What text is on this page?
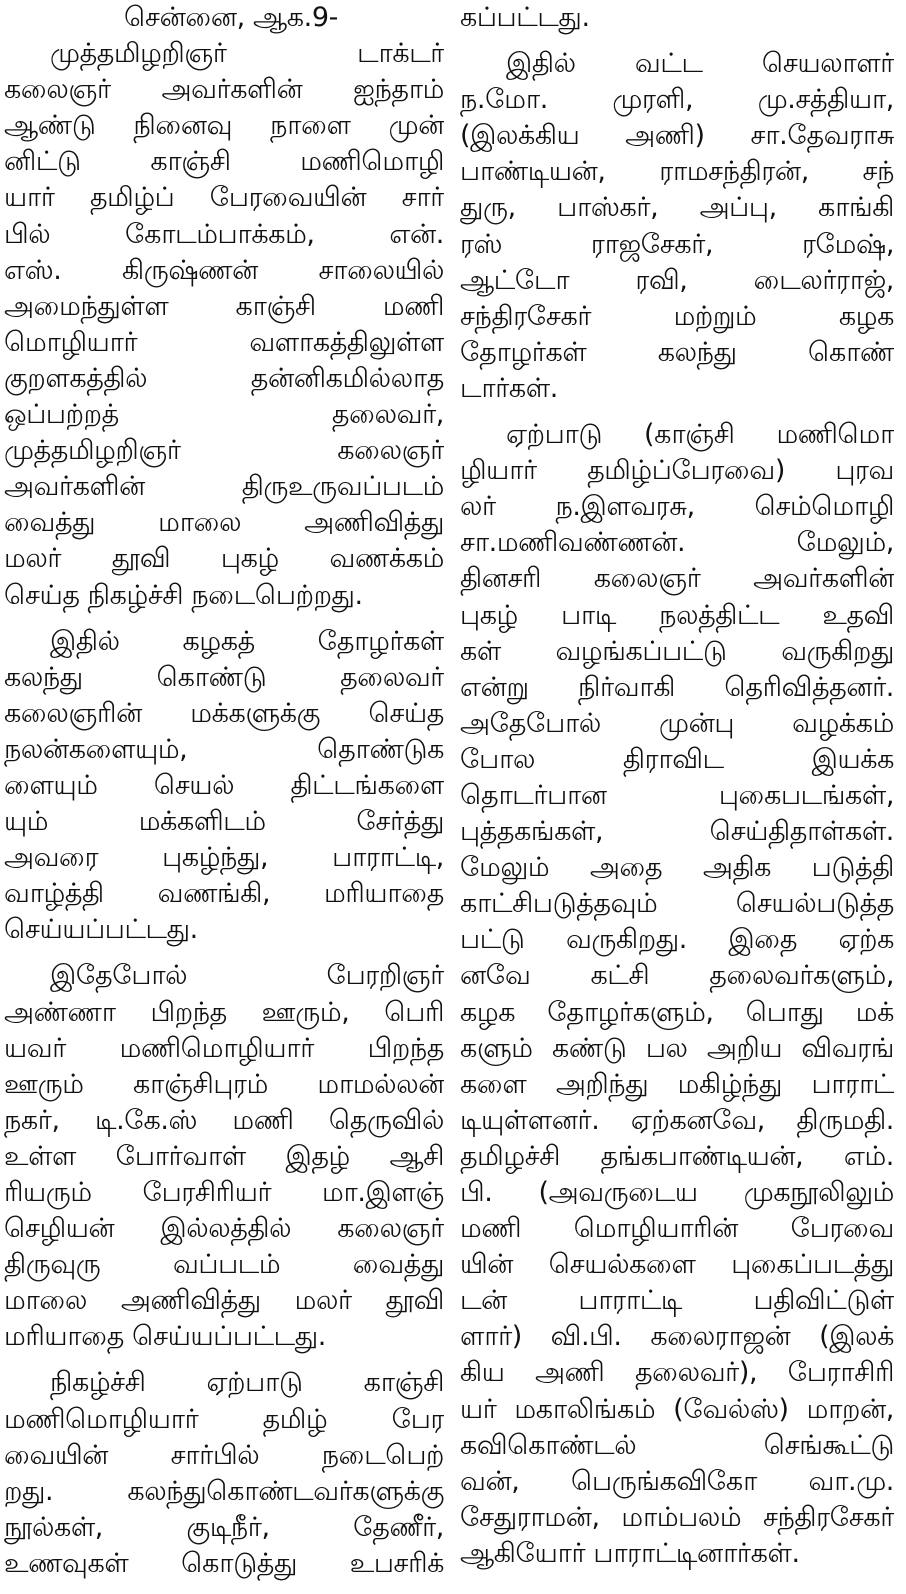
சென்னை, ஆக.9-
முத்தமிழறிஞர் டாக்டர்
கலைஞர் அவர்களின் ஐந்தாம்
ஆண்டு நினைவு நாளை முன்
னிட்டு காஞ்சி மணிமொழி
யார் தமிழ்ப் பேரவையின் சார்
பில் கோடம்பாக்கம், என்.
எஸ். கிருஷ்ணன் சாலையில்
அமைந்துள்ள காஞ்சி மணி
மொழியார் வளாகத்திலுள்ள
குறளகத்தில் தன்னிகமில்லாத
ஒப்பற்றத் தலைவர்,
முத்தமிழறிஞர் கலைஞர்
அவர்களின் திருஉருவப்படம்
வைத்து மாலை அணிவித்து
மலர் தூவி புகழ் வணக்கம்
செய்த நிகழ்ச்சி நடைபெற்றது.
இதில் கழகத் தோழர்கள்
கலந்து கொண்டு தலைவர்
கலைஞரின் மக்களுக்கு செய்த
நலன்களையும், தொண்டுக
ளையும் செயல் திட்டங்களை
யும் மக்களிடம் சேர்த்து
அவரை புகழ்ந்து, பாராட்டி,
வாழ்த்தி வணங்கி, மரியாதை
செய்யப்பட்டது.
இதேபோல் பேரறிஞர்
அண்ணா பிறந்த ஊரும், பெரி
யவர் மணிமொழியார் பிறந்த
ஊரும் காஞ்சிபுரம் மாமல்லன்
நகர், டி.கே.ஸ் மணி தெருவில்
உள்ள போர்வாள் இதழ் ஆசி
ரியரும் பேரசிரியர் மா.இளஞ்
செழியன் இல்லத்தில் கலைஞர்
திருவுரு வப்படம் வைத்து
மாலை அணிவித்து மலர் தூவி
மரியாதை செய்யப்பட்டது.
நிகழ்ச்சி ஏற்பாடு காஞ்சி
மணிமொழியார் தமிழ் பேர
வையின் சார்பில் நடைபெற்
றது. கலந்துகொண்டவர்களுக்கு
நூல்கள், குடிநீர், தேணீர்,
உணவுகள் கொடுத்து உபசரிக்
கப்பட்டது.
இதில் வட்ட செயலாளர்
ந.மோ. முரளி, மு.சத்தியா,
(இலக்கிய அணி) சா.தேவராசு
பாண்டியன், ராமசந்திரன், சந்
துரு, பாஸ்கர், அப்பு, காங்கி
ரஸ் ராஜசேகர், ரமேஷ்,
ஆட்டோ ரவி, டைலர்ராஜ்,
சந்திரசேகர் மற்றும் கழக
தோழர்கள் கலந்து கொண்
டார்கள்.
ஏற்பாடு (காஞ்சி மணிமொ
ழியார் தமிழ்ப்பேரவை) புரவ
லர் ந.இளவரசு, செம்மொழி
சா.மணிவண்ணன். மேலும்,
தினசரி கலைஞர் அவர்களின்
புகழ் பாடி நலத்திட்ட உதவி
கள் வழங்கப்பட்டு வருகிறது
என்று நிர்வாகி தெரிவித்தனர்.
அதேபோல் முன்பு வழக்கம்
போல திராவிட இயக்க
தொடர்பான புகைபடங்கள்,
புத்தகங்கள், செய்திதாள்கள்.
மேலும் அதை அதிக படுத்தி
காட்சிபடுத்தவும் செயல்படுத்த
பட்டு வருகிறது. இதை ஏற்க
னவே கட்சி தலைவர்களும்,
கழக தோழர்களும், பொது மக்
களும் கண்டு பல அறிய விவரங்
களை அறிந்து மகிழ்ந்து பாராட்
டியுள்ளனர். ஏற்கனவே, திருமதி.
தமிழச்சி தங்கபாண்டியன், எம்.
பி. (அவருடைய முகநூலிலும்
மணி மொழியாரின் பேரவை
யின் செயல்களை புகைப்படத்து
டன் பாராட்டி பதிவிட்டுள்
ளார்) வி.பி. கலைராஜன் (இலக்
கிய அணி தலைவர்), பேராசிரி
யர் மகாலிங்கம் (வேல்ஸ்) மாறன்,
கவிகொண்டல் செங்கூட்டு
வன், பெருங்கவிகோ வா.மு.
சேதுராமன், மாம்பலம் சந்திரசேகர்
ஆகியோர் பாராட்டினார்கள்.
